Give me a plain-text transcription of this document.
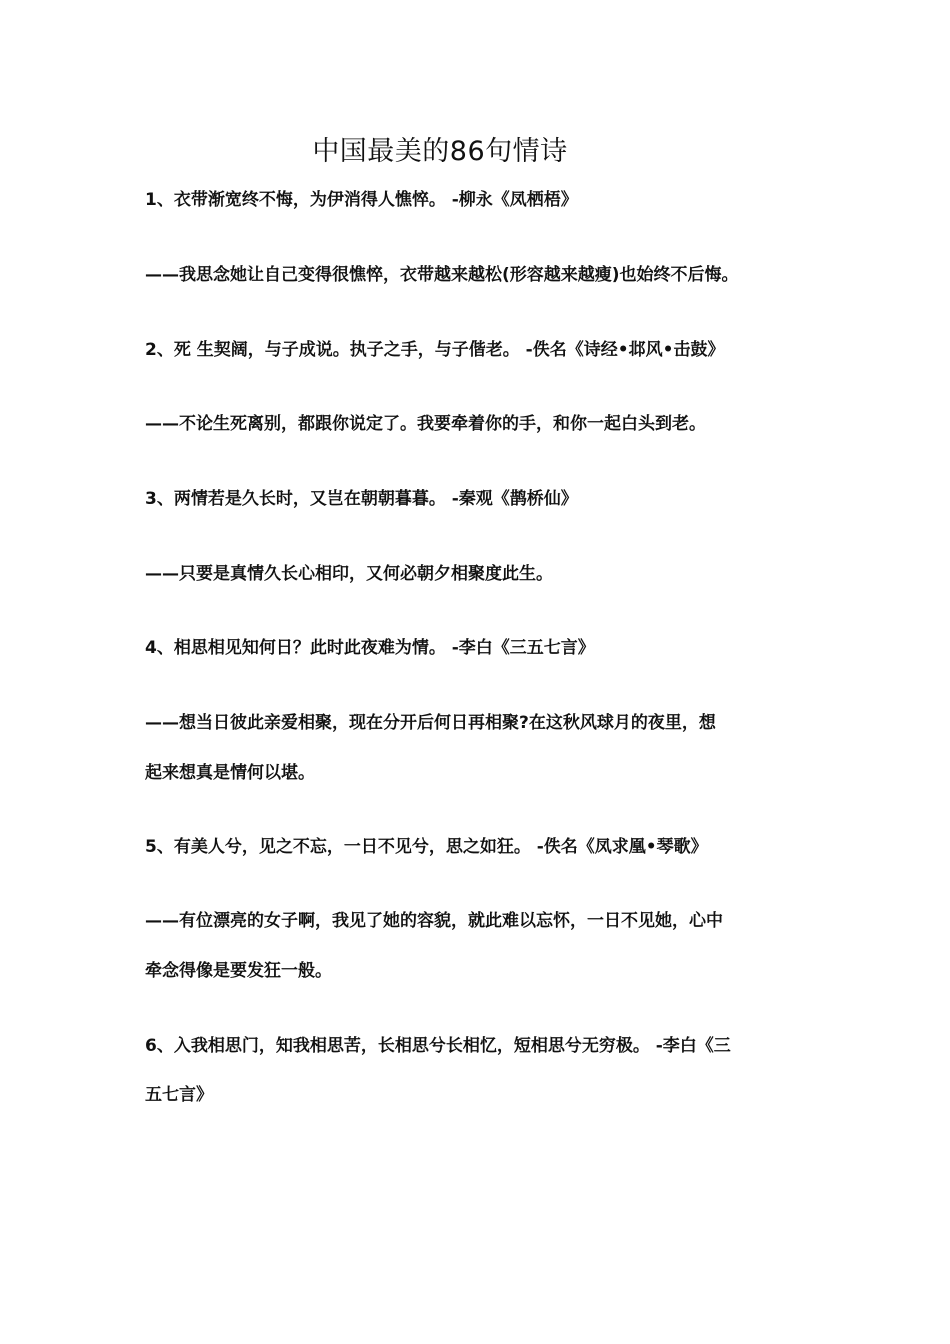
中国最美的86句情诗
1、衣带渐宽终不悔，为伊消得人憔悴。 -柳永《凤栖梧》
——我思念她让自己变得很憔悴，衣带越来越松(形容越来越瘦)也始终不后悔。
2、死 生契阔，与子成说。执子之手，与子偕老。 -佚名《诗经•邶风•击鼓》
——不论生死离别，都跟你说定了。我要牵着你的手，和你一起白头到老。
3、两情若是久长时，又岂在朝朝暮暮。 -秦观《鹊桥仙》
——只要是真情久长心相印，又何必朝夕相聚度此生。
4、相思相见知何日？此时此夜难为情。 -李白《三五七言》
——想当日彼此亲爱相聚，现在分开后何日再相聚?在这秋风球月的夜里，想
起来想真是情何以堪。
5、有美人兮，见之不忘，一日不见兮，思之如狂。 -佚名《凤求凰•琴歌》
——有位漂亮的女子啊，我见了她的容貌，就此难以忘怀，一日不见她，心中
牵念得像是要发狂一般。
6、入我相思门，知我相思苦，长相思兮长相忆，短相思兮无穷极。 -李白《三
五七言》
